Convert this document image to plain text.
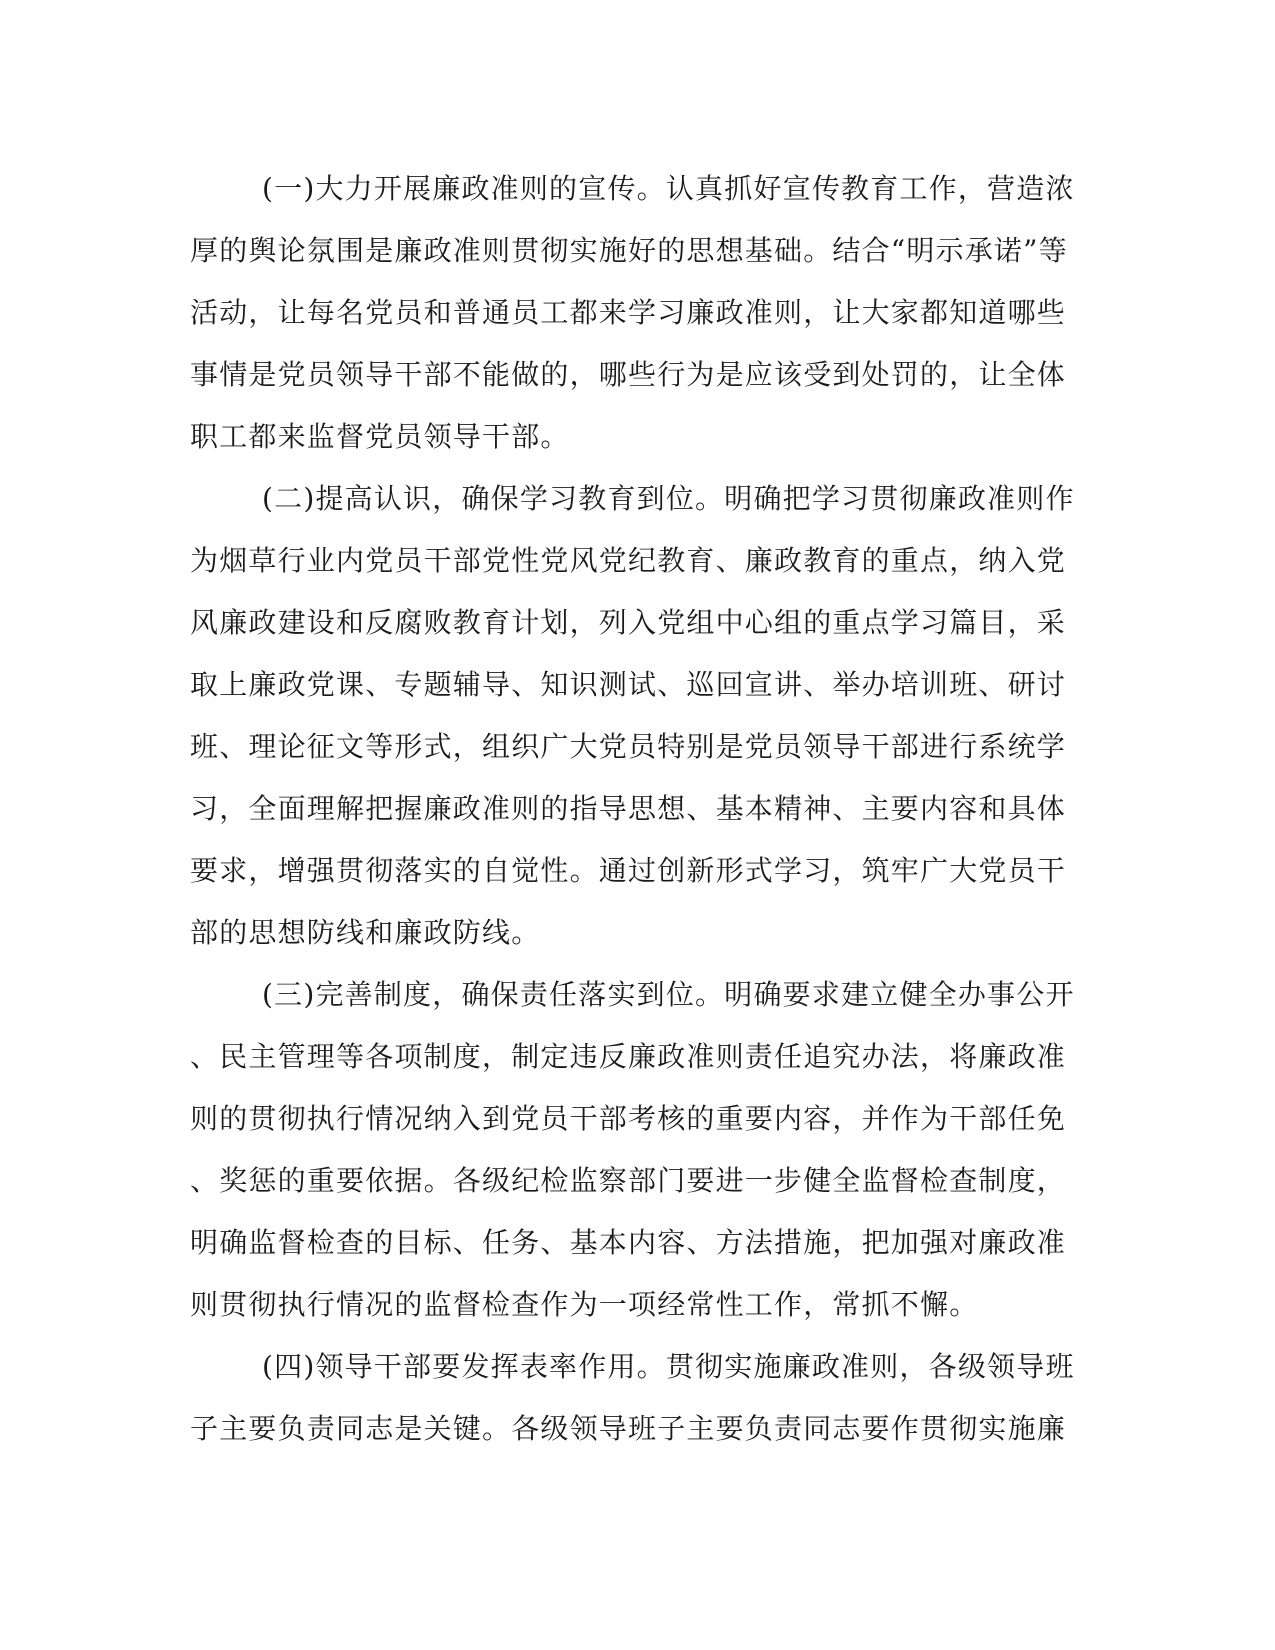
(一)大力开展廉政准则的宣传。认真抓好宣传教育工作，营造浓
厚的舆论氛围是廉政准则贯彻实施好的思想基础。结合“明示承诺”等
活动，让每名党员和普通员工都来学习廉政准则，让大家都知道哪些
事情是党员领导干部不能做的，哪些行为是应该受到处罚的，让全体
职工都来监督党员领导干部。
(二)提高认识，确保学习教育到位。明确把学习贯彻廉政准则作
为烟草行业内党员干部党性党风党纪教育、廉政教育的重点，纳入党
风廉政建设和反腐败教育计划，列入党组中心组的重点学习篇目，采
取上廉政党课、专题辅导、知识测试、巡回宣讲、举办培训班、研讨
班、理论征文等形式，组织广大党员特别是党员领导干部进行系统学
习，全面理解把握廉政准则的指导思想、基本精神、主要内容和具体
要求，增强贯彻落实的自觉性。通过创新形式学习，筑牢广大党员干
部的思想防线和廉政防线。
(三)完善制度，确保责任落实到位。明确要求建立健全办事公开
、民主管理等各项制度，制定违反廉政准则责任追究办法，将廉政准
则的贯彻执行情况纳入到党员干部考核的重要内容，并作为干部任免
、奖惩的重要依据。各级纪检监察部门要进一步健全监督检查制度，
明确监督检查的目标、任务、基本内容、方法措施，把加强对廉政准
则贯彻执行情况的监督检查作为一项经常性工作，常抓不懈。
(四)领导干部要发挥表率作用。贯彻实施廉政准则，各级领导班
子主要负责同志是关键。各级领导班子主要负责同志要作贯彻实施廉
